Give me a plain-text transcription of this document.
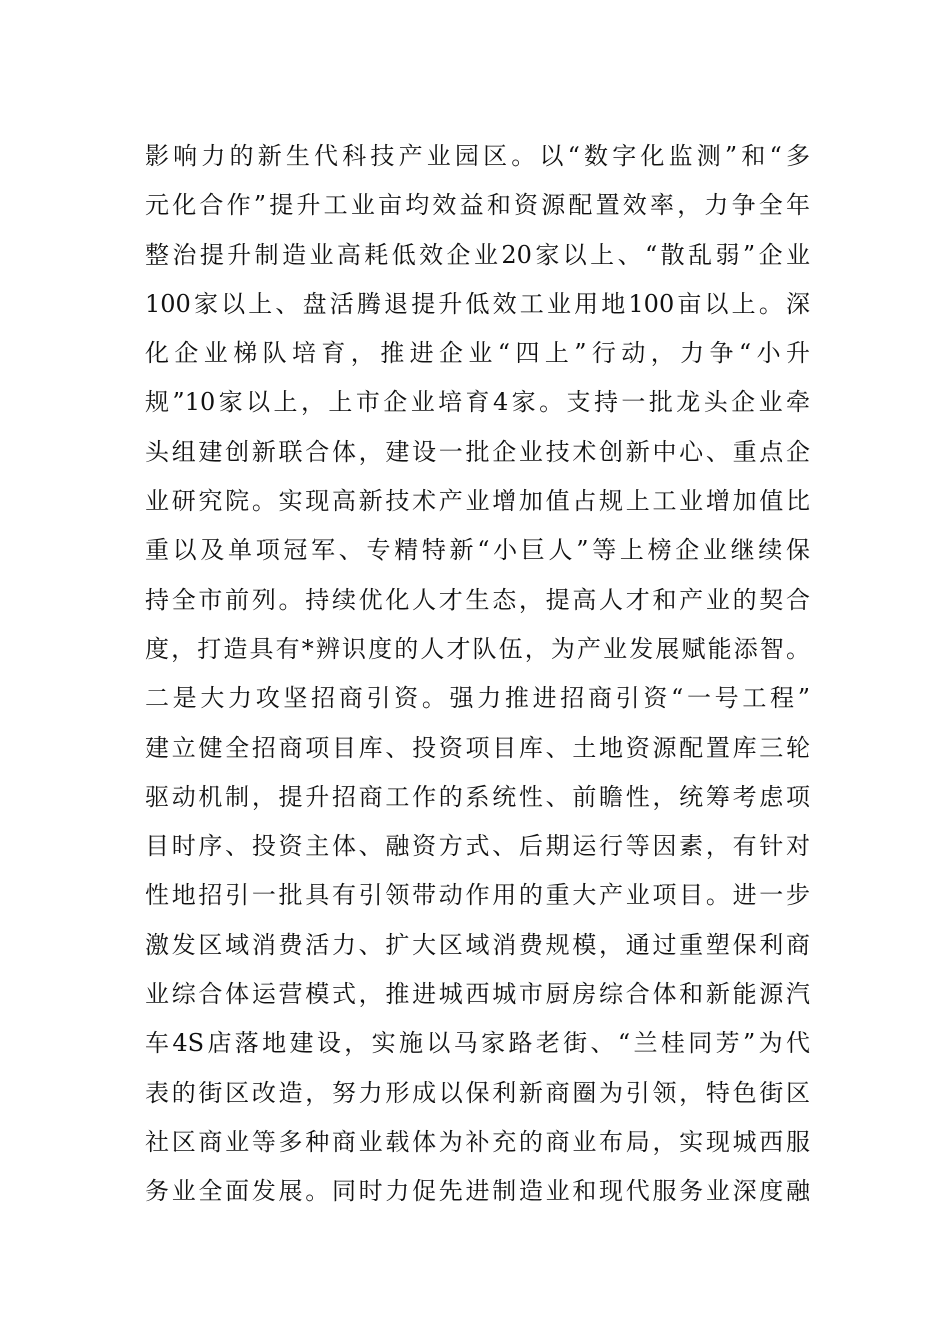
影响力的新生代科技产业园区。以“数字化监测”和“多
元化合作”提升工业亩均效益和资源配置效率，力争全年
整治提升制造业高耗低效企业20家以上、“散乱弱”企业
100家以上、盘活腾退提升低效工业用地100亩以上。深
化企业梯队培育，推进企业“四上”行动，力争“小升
规”10家以上，上市企业培育4家。支持一批龙头企业牵
头组建创新联合体，建设一批企业技术创新中心、重点企
业研究院。实现高新技术产业增加值占规上工业增加值比
重以及单项冠军、专精特新“小巨人”等上榜企业继续保
持全市前列。持续优化人才生态，提高人才和产业的契合
度，打造具有*辨识度的人才队伍，为产业发展赋能添智。
二是大力攻坚招商引资。强力推进招商引资“一号工程”
建立健全招商项目库、投资项目库、土地资源配置库三轮
驱动机制，提升招商工作的系统性、前瞻性，统筹考虑项
目时序、投资主体、融资方式、后期运行等因素，有针对
性地招引一批具有引领带动作用的重大产业项目。进一步
激发区域消费活力、扩大区域消费规模，通过重塑保利商
业综合体运营模式，推进城西城市厨房综合体和新能源汽
车4S店落地建设，实施以马家路老街、“兰桂同芳”为代
表的街区改造，努力形成以保利新商圈为引领，特色街区
社区商业等多种商业载体为补充的商业布局，实现城西服
务业全面发展。同时力促先进制造业和现代服务业深度融
